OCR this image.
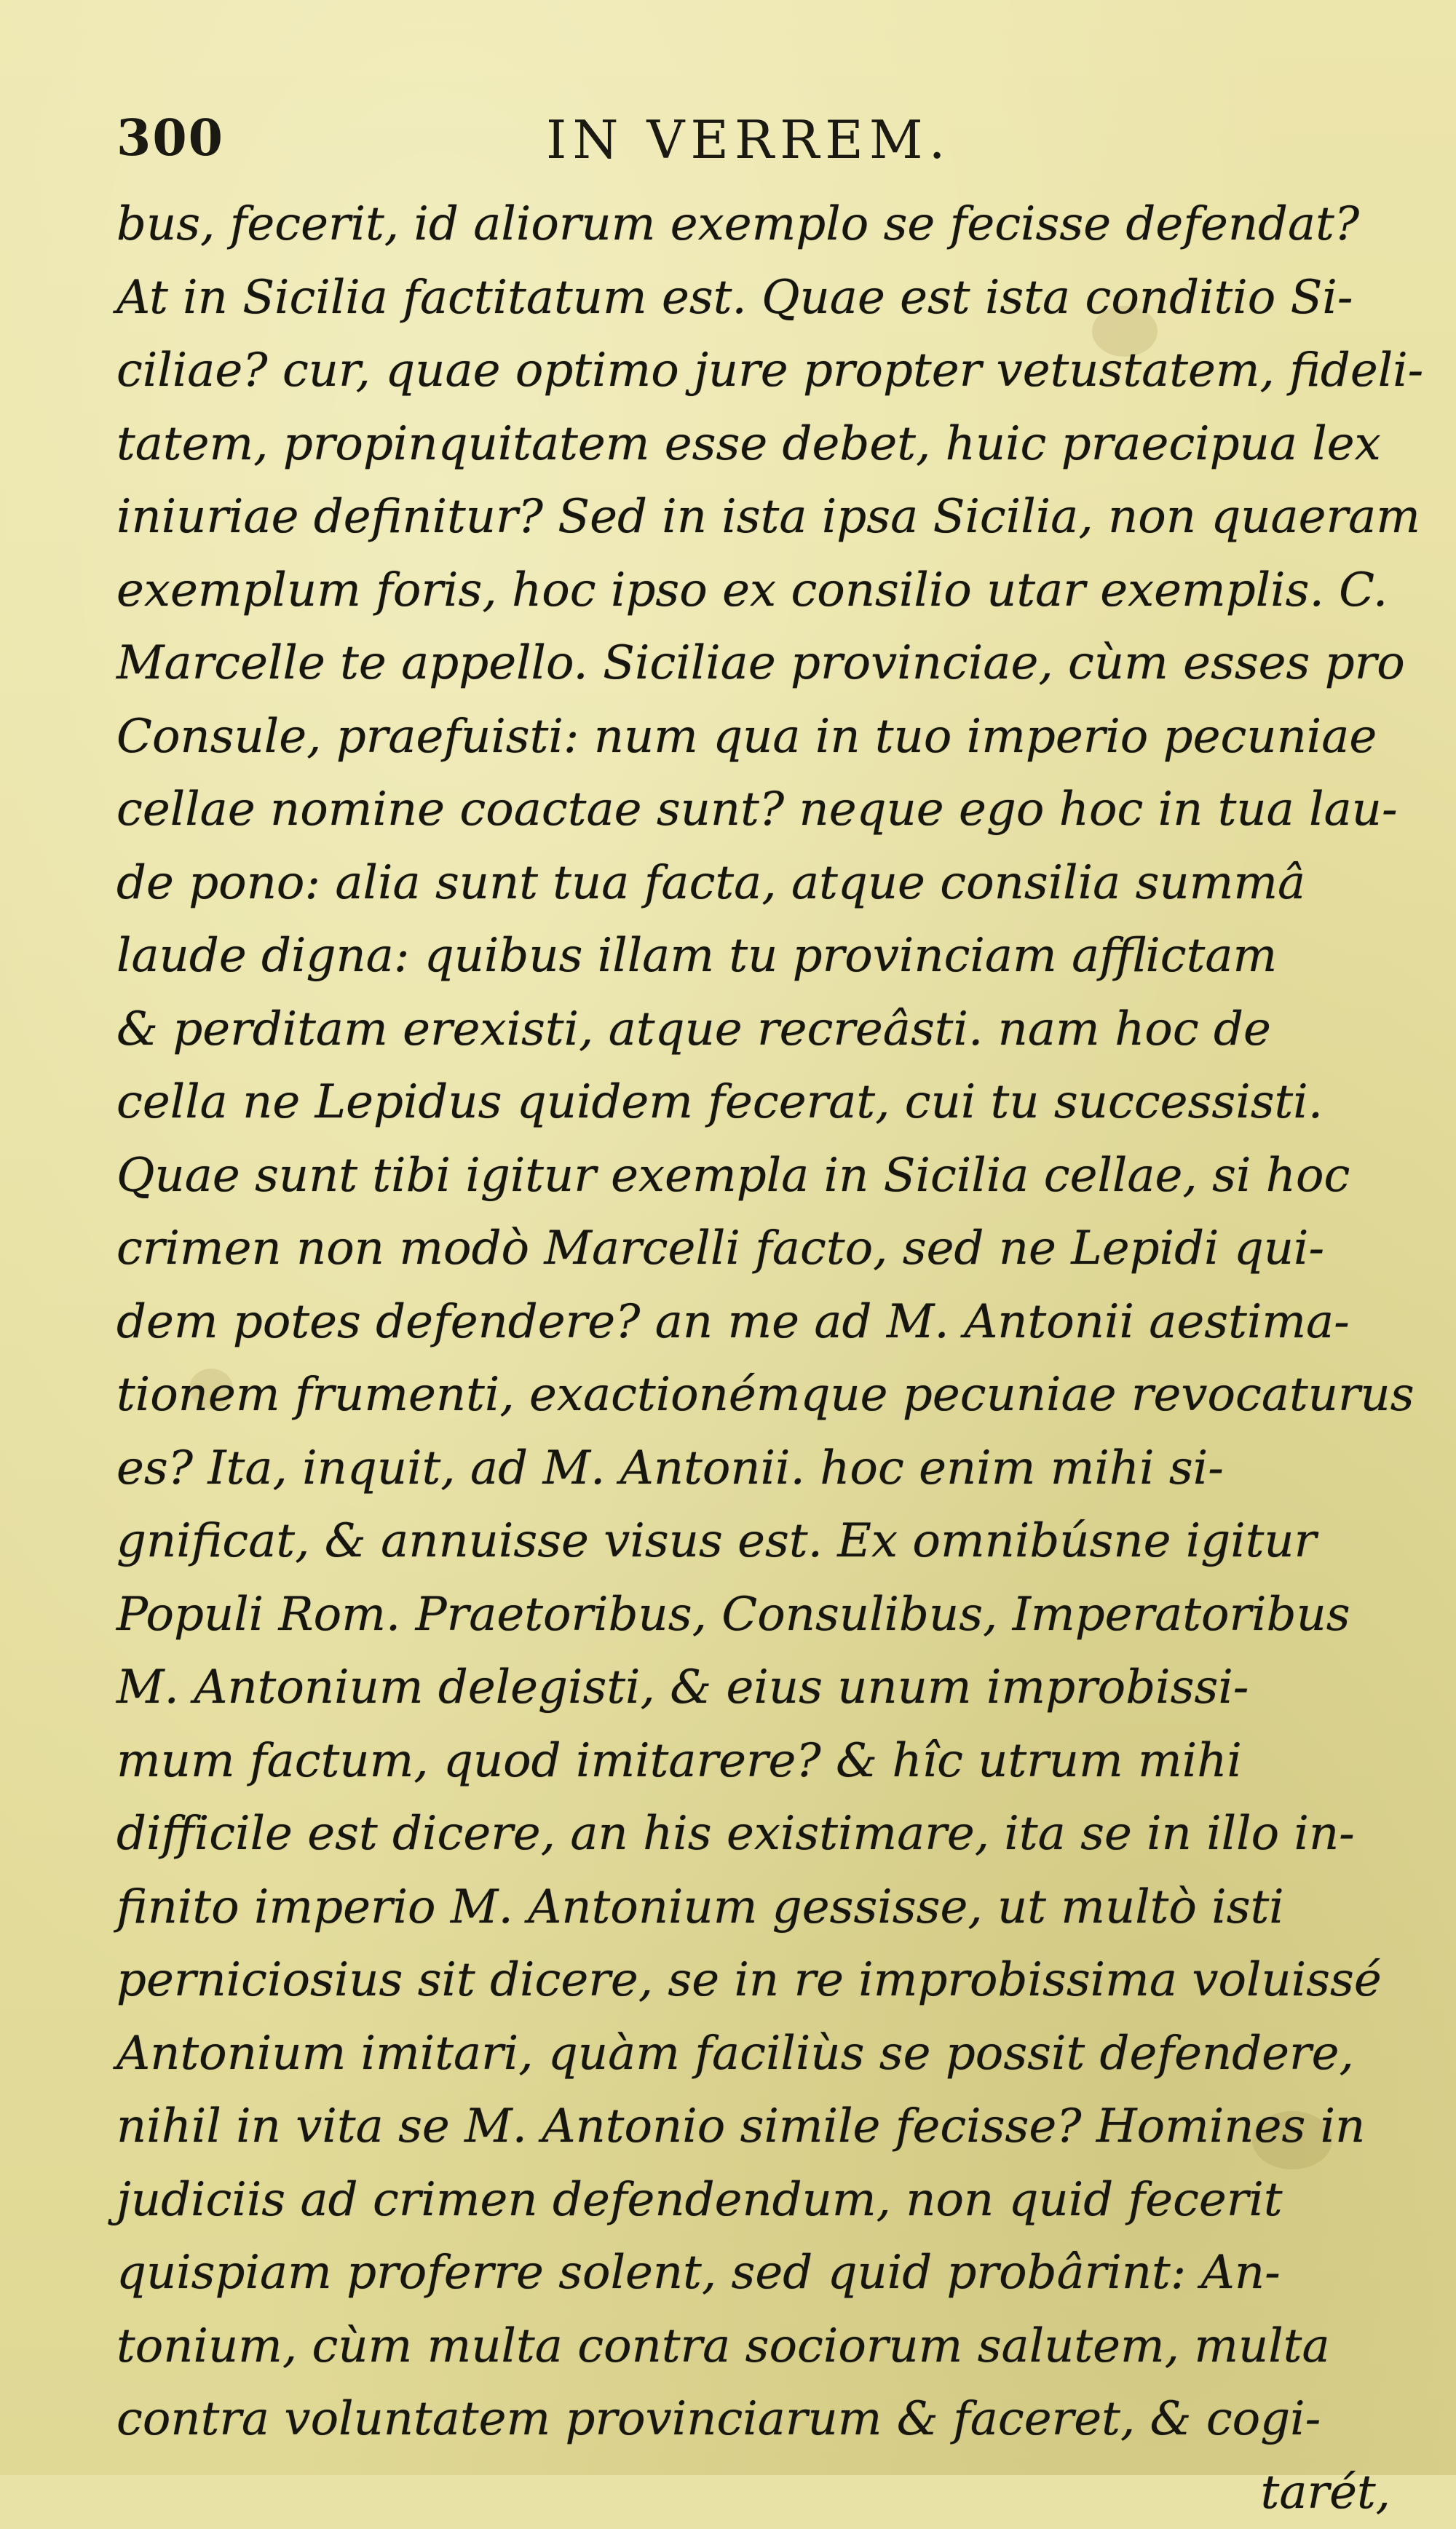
300	IN VERREM.
bus, fecerit, id aliorum exemplo se fecisse defendat?
At in Sicilia factitatum est. Quae est ista conditio Si-
ciliae? cur, quae optimo jure propter vetustatem, fideli-
tatem, propinquitatem esse debet, huic praecipua lex
iniuriae definitur? Sed in ista ipsa Sicilia, non quaeram
exemplum foris, hoc ipso ex consilio utar exemplis. C.
Marcelle te appello. Siciliae provinciae, cùm esses pro
Consule, praefuisti: num qua in tuo imperio pecuniae
cellae nomine coactae sunt? neque ego hoc in tua lau-
de pono: alia sunt tua facta, atque consilia summâ
laude digna: quibus illam tu provinciam afflictam
& perditam erexisti, atque recreâsti. nam hoc de
cella ne Lepidus quidem fecerat, cui tu successisti.
Quae sunt tibi igitur exempla in Sicilia cellae, si hoc
crimen non modò Marcelli facto, sed ne Lepidi qui-
dem potes defendere? an me ad M. Antonii aestima-
tionem frumenti, exactionémque pecuniae revocaturus
es? Ita, inquit, ad M. Antonii. hoc enim mihi si-
gnificat, & annuisse visus est. Ex omnibúsne igitur
Populi Rom. Praetoribus, Consulibus, Imperatoribus
M. Antonium delegisti, & eius unum improbissi-
mum factum, quod imitarere? & hîc utrum mihi
difficile est dicere, an his existimare, ita se in illo in-
finito imperio M. Antonium gessisse, ut multò isti
perniciosius sit dicere, se in re improbissima voluissé
Antonium imitari, quàm faciliùs se possit defendere,
nihil in vita se M. Antonio simile fecisse? Homines in
judiciis ad crimen defendendum, non quid fecerit
quispiam proferre solent, sed quid probârint: An-
tonium, cùm multa contra sociorum salutem, multa
contra voluntatem provinciarum & faceret, & cogi-
tarét,
